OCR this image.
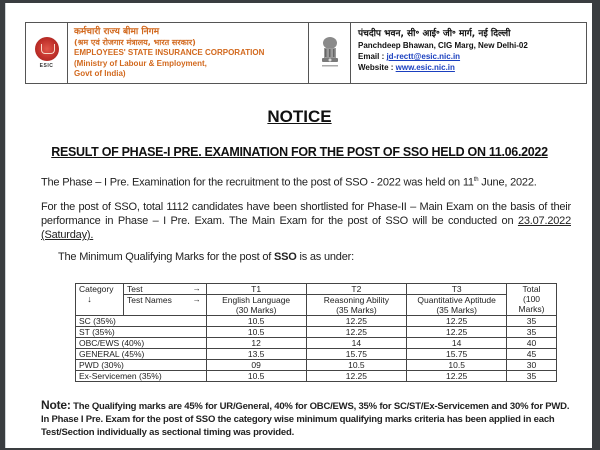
ESIC
कर्मचारी राज्य बीमा निगम
(श्रम एवं रोजगार मंत्रालय, भारत सरकार)
EMPLOYEES' STATE INSURANCE CORPORATION
(Ministry of Labour & Employment,
Govt of India)
पंचदीप भवन, सी॰ आई॰ जी॰ मार्ग, नई दिल्ली
Panchdeep Bhawan, CIG Marg, New Delhi-02
Email : jd-rectt@esic.nic.in
Website : www.esic.nic.in
NOTICE
RESULT OF PHASE-I PRE. EXAMINATION FOR THE POST OF SSO HELD ON 11.06.2022
The Phase – I Pre. Examination for the recruitment to the post of SSO - 2022 was held on 11th June, 2022.
For the post of SSO, total 1112 candidates have been shortlisted for Phase-II – Main Exam on the basis of their performance in Phase – I Pre. Exam. The Main Exam for the post of SSO will be conducted on 23.07.2022 (Saturday).
The Minimum Qualifying Marks for the post of SSO is as under:
Category
↓
	Test	→	T1	T2	T3	Total
(100 Marks)

	Test Names →	English Language	Reasoning Ability	Quantitative Aptitude	
		(30 Marks)	(35 Marks)	(35 Marks)	
SC (35%)		10.5	12.25	12.25	35
ST (35%)		10.5	12.25	12.25	35
OBC/EWS (40%)		12	14	14	40
GENERAL (45%)		13.5	15.75	15.75	45
PWD (30%)		09	10.5	10.5	30
Ex-Servicemen (35%)		10.5	12.25	12.25	35
Note: The Qualifying marks are 45% for UR/General, 40% for OBC/EWS, 35% for SC/ST/Ex-Servicemen and 30% for PWD. In Phase I Pre. Exam for the post of SSO the category wise minimum qualifying marks criteria has been applied in each Test/Section individually as sectional timing was provided.
